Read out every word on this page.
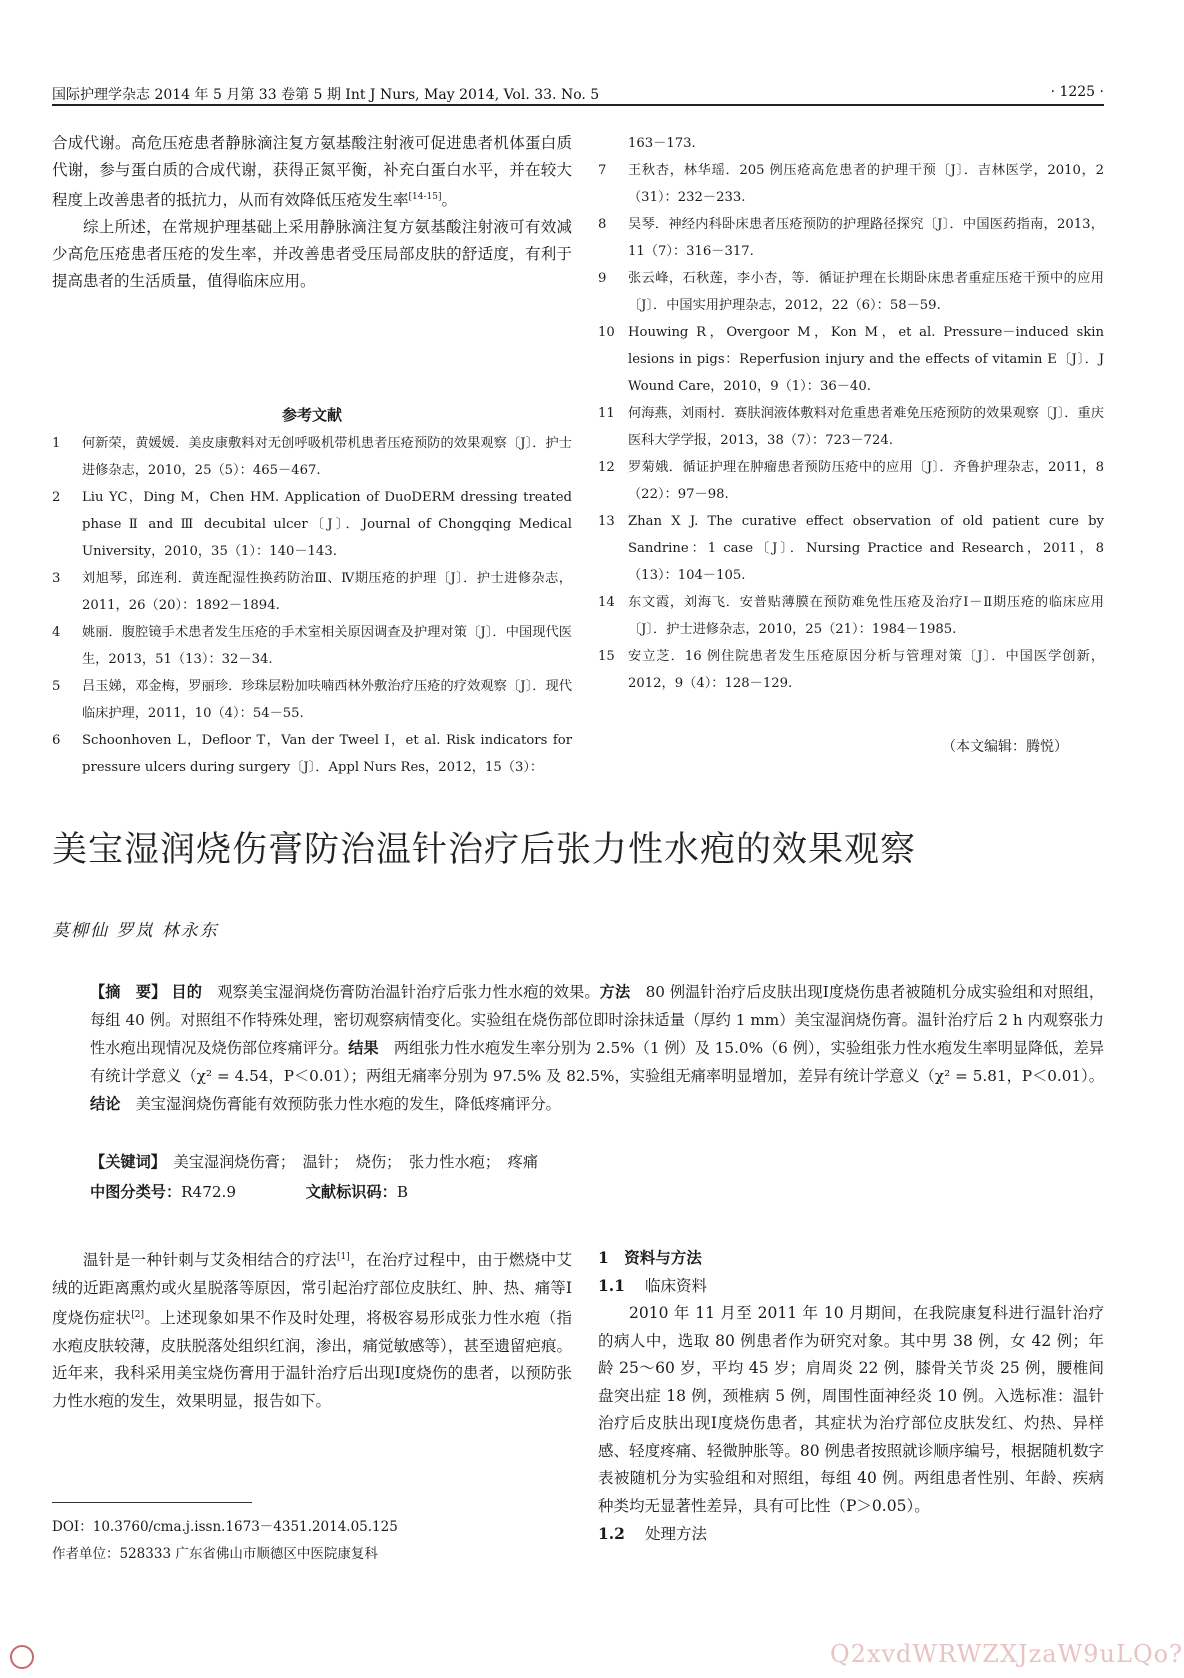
国际护理学杂志 2014 年 5 月第 33 卷第 5 期 Int J Nurs, May 2014, Vol. 33. No. 5	· 1225 ·

合成代谢。高危压疮患者静脉滴注复方氨基酸注射液可促进患者机体蛋白质代谢，参与蛋白质的合成代谢，获得正氮平衡，补充白蛋白水平，并在较大程度上改善患者的抵抗力，从而有效降低压疮发生率[14-15]。

综上所述，在常规护理基础上采用静脉滴注复方氨基酸注射液可有效减少高危压疮患者压疮的发生率，并改善患者受压局部皮肤的舒适度，有利于提高患者的生活质量，值得临床应用。

参考文献
1 何新荣，黄媛媛．美皮康敷料对无创呼吸机带机患者压疮预防的效果观察〔J〕．护士进修杂志，2010，25（5）：465－467.
2 Liu YC，Ding M，Chen HM. Application of DuoDERM dressing treated phase Ⅱ and Ⅲ decubital ulcer〔J〕．Journal of Chongqing Medical University，2010，35（1）：140－143.
3 刘旭琴，邱连利．黄连配湿性换药防治Ⅲ、Ⅳ期压疮的护理〔J〕．护士进修杂志，2011，26（20）：1892－1894.
4 姚丽．腹腔镜手术患者发生压疮的手术室相关原因调查及护理对策〔J〕．中国现代医生，2013，51（13）：32－34.
5 吕玉娣，邓金梅，罗丽珍．珍珠层粉加呋喃西林外敷治疗压疮的疗效观察〔J〕．现代临床护理，2011，10（4）：54－55.
6 Schoonhoven L，Defloor T，Van der Tweel I，et al. Risk indicators for pressure ulcers during surgery〔J〕．Appl Nurs Res，2012，15（3）：
163－173.
7 王秋杏，林华瑶．205 例压疮高危患者的护理干预〔J〕．吉林医学，2010，2（31）：232－233.
8 吴琴．神经内科卧床患者压疮预防的护理路径探究〔J〕．中国医药指南，2013，11（7）：316－317.
9 张云峰，石秋莲，李小杏，等．循证护理在长期卧床患者重症压疮干预中的应用〔J〕．中国实用护理杂志，2012，22（6）：58－59.
10 Houwing R，Overgoor M，Kon M，et al. Pressure－induced skin lesions in pigs：Reperfusion injury and the effects of vitamin E〔J〕．J Wound Care，2010，9（1）：36－40.
11 何海燕，刘雨村．赛肤润液体敷料对危重患者难免压疮预防的效果观察〔J〕．重庆医科大学学报，2013，38（7）：723－724.
12 罗菊娥．循证护理在肿瘤患者预防压疮中的应用〔J〕．齐鲁护理杂志，2011，8（22）：97－98.
13 Zhan X J. The curative effect observation of old patient cure by Sandrine：1 case〔J〕．Nursing Practice and Research，2011，8（13）：104－105.
14 东文霞，刘海飞．安普贴薄膜在预防难免性压疮及治疗Ⅰ－Ⅱ期压疮的临床应用〔J〕．护士进修杂志，2010，25（21）：1984－1985.
15 安立芝．16 例住院患者发生压疮原因分析与管理对策〔J〕．中国医学创新，2012，9（4）：128－129.
（本文编辑：腾悦）
美宝湿润烧伤膏防治温针治疗后张力性水疱的效果观察
莫柳仙 罗岚 林永东
【摘　要】 目的　 观察美宝湿润烧伤膏防治温针治疗后张力性水疱的效果。方法　 80 例温针治疗后皮肤出现Ⅰ度烧伤患者被随机分成实验组和对照组，每组 40 例。对照组不作特殊处理，密切观察病情变化。实验组在烧伤部位即时涂抹适量（厚约 1 mm）美宝湿润烧伤膏。温针治疗后 2 h 内观察张力性水疱出现情况及烧伤部位疼痛评分。结果　 两组张力性水疱发生率分别为 2.5%（1 例）及 15.0%（6 例），实验组张力性水疱发生率明显降低，差异有统计学意义（χ² = 4.54，P＜0.01）；两组无痛率分别为 97.5% 及 82.5%，实验组无痛率明显增加，差异有统计学意义（χ² = 5.81，P＜0.01）。结论　 美宝湿润烧伤膏能有效预防张力性水疱的发生，降低疼痛评分。
【关键词】　 美宝湿润烧伤膏；　温针；　烧伤；　张力性水疱；　疼痛
中图分类号：R472.9	文献标识码：B

温针是一种针刺与艾灸相结合的疗法[1]，在治疗过程中，由于燃烧中艾绒的近距离熏灼或火星脱落等原因，常引起治疗部位皮肤红、肿、热、痛等Ⅰ度烧伤症状[2]。上述现象如果不作及时处理，将极容易形成张力性水疱（指水疱皮肤较薄，皮肤脱落处组织红润，渗出，痛觉敏感等），甚至遗留疤痕。近年来，我科采用美宝烧伤膏用于温针治疗后出现Ⅰ度烧伤的患者，以预防张力性水疱的发生，效果明显，报告如下。

DOI：10.3760/cma.j.issn.1673－4351.2014.05.125
作者单位：528333 广东省佛山市顺德区中医院康复科

1　资料与方法

1.1 临床资料

2010 年 11 月至 2011 年 10 月期间，在我院康复科进行温针治疗的病人中，选取 80 例患者作为研究对象。其中男 38 例，女 42 例；年龄 25～60 岁，平均 45 岁；肩周炎 22 例，膝骨关节炎 25 例，腰椎间盘突出症 18 例，颈椎病 5 例，周围性面神经炎 10 例。入选标准：温针治疗后皮肤出现Ⅰ度烧伤患者，其症状为治疗部位皮肤发红、灼热、异样感、轻度疼痛、轻微肿胀等。80 例患者按照就诊顺序编号，根据随机数字表被随机分为实验组和对照组，每组 40 例。两组患者性别、年龄、疾病种类均无显著性差异，具有可比性（P＞0.05）。

1.2 处理方法

Q2xvdWRWZXJzaW9uLQo?
